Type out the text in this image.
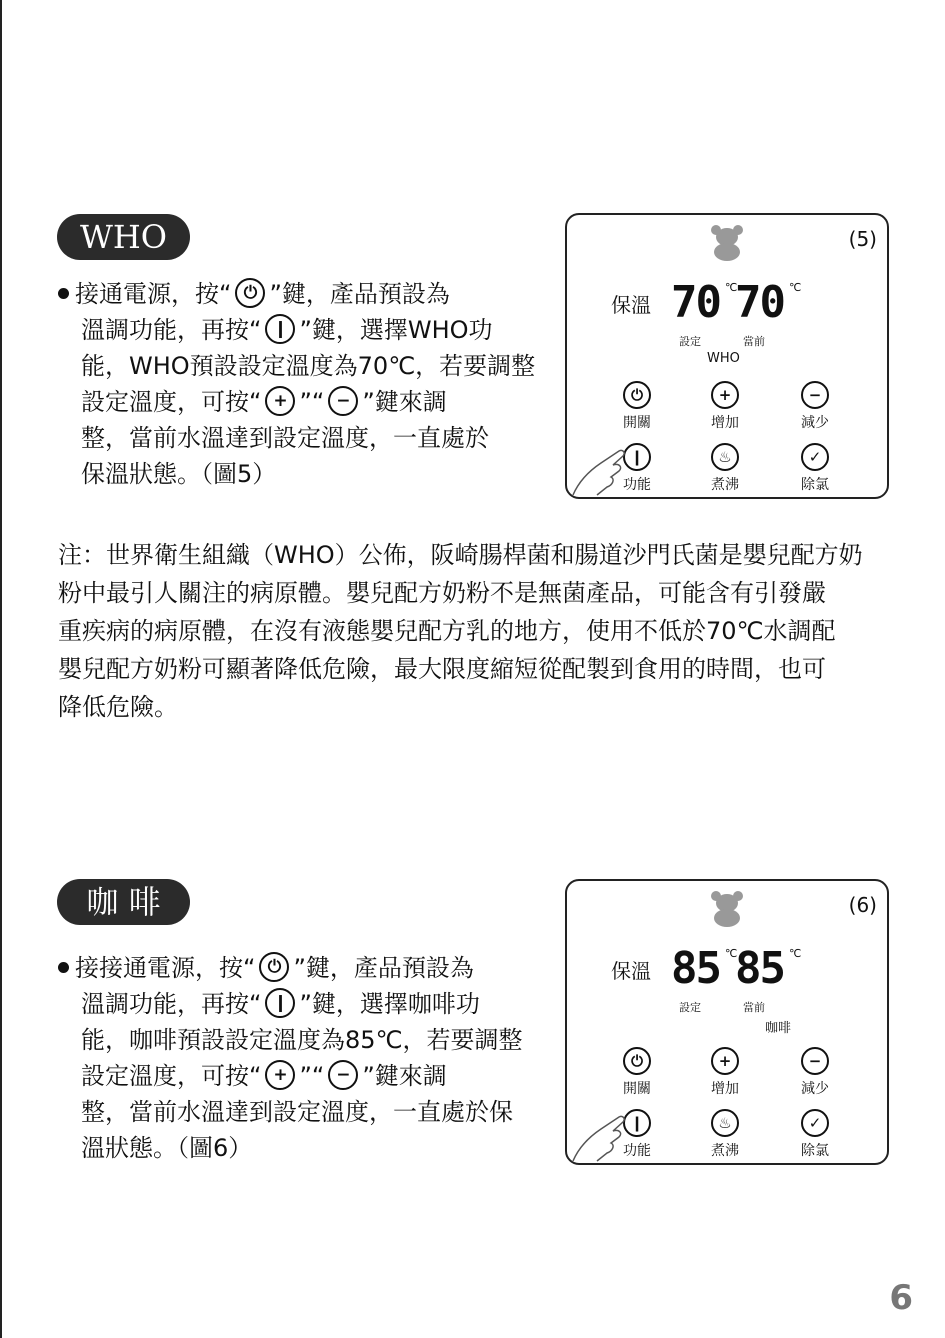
WHO
接通電源，按“ ⏻ ”鍵，產品預設為
溫調功能，再按“ ❙ ”鍵，選擇WHO功
能，WHO預設設定溫度為70℃，若要調整
設定溫度，可按“ + ”“ − ”鍵來調
整，當前水溫達到設定溫度，一直處於
保溫狀態。（圖5）
(5)
保溫 70 ℃
70 ℃
設定	當前
WHO
⏻
開關
+
增加
−
減少
❙
功能
♨
煮沸
✓
除氯
注：世界衛生組織（WHO）公佈，阪崎腸桿菌和腸道沙門氏菌是嬰兒配方奶
粉中最引人關注的病原體。嬰兒配方奶粉不是無菌產品，可能含有引發嚴
重疾病的病原體，在沒有液態嬰兒配方乳的地方，使用不低於70℃水調配
嬰兒配方奶粉可顯著降低危險，最大限度縮短從配製到食用的時間，也可
降低危險。
咖 啡
接接通電源，按“ ⏻ ”鍵，產品預設為
溫調功能，再按“ ❙ ”鍵，選擇咖啡功
能，咖啡預設設定溫度為85℃，若要調整
設定溫度，可按“ + ”“ − ”鍵來調
整，當前水溫達到設定溫度，一直處於保
溫狀態。（圖6）
(6)
保溫 85 ℃
85 ℃
設定	當前
咖啡
⏻
開關
+
增加
−
減少
❙
功能
♨
煮沸
✓
除氯
6
